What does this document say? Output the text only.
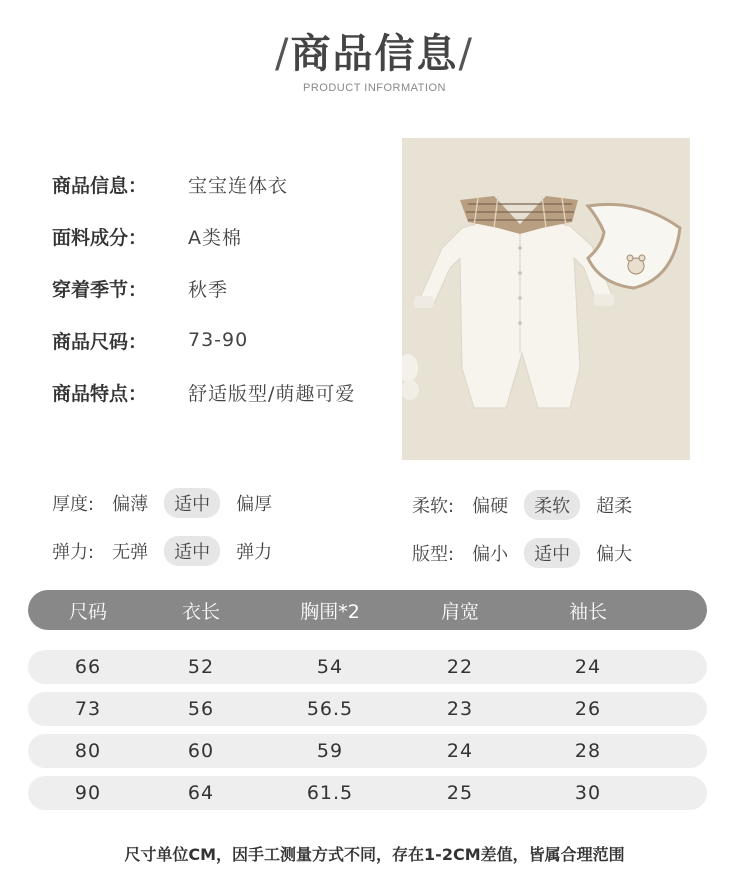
/商品信息/
PRODUCT INFORMATION
商品信息：	宝宝连体衣
面料成分：	A类棉
穿着季节：	秋季
商品尺码：	73-90
商品特点：	舒适版型/萌趣可爱
厚度:	偏薄	适中	偏厚	柔软:	偏硬	柔软	超柔
弹力:	无弹	适中	弹力	版型:	偏小	适中	偏大
尺码	衣长	胸围*2	肩宽	袖长
66	52	54	22	24
73	56	56.5	23	26
80	60	59	24	28
90	64	61.5	25	30
尺寸单位CM，因手工测量方式不同，存在1-2CM差值，皆属合理范围
